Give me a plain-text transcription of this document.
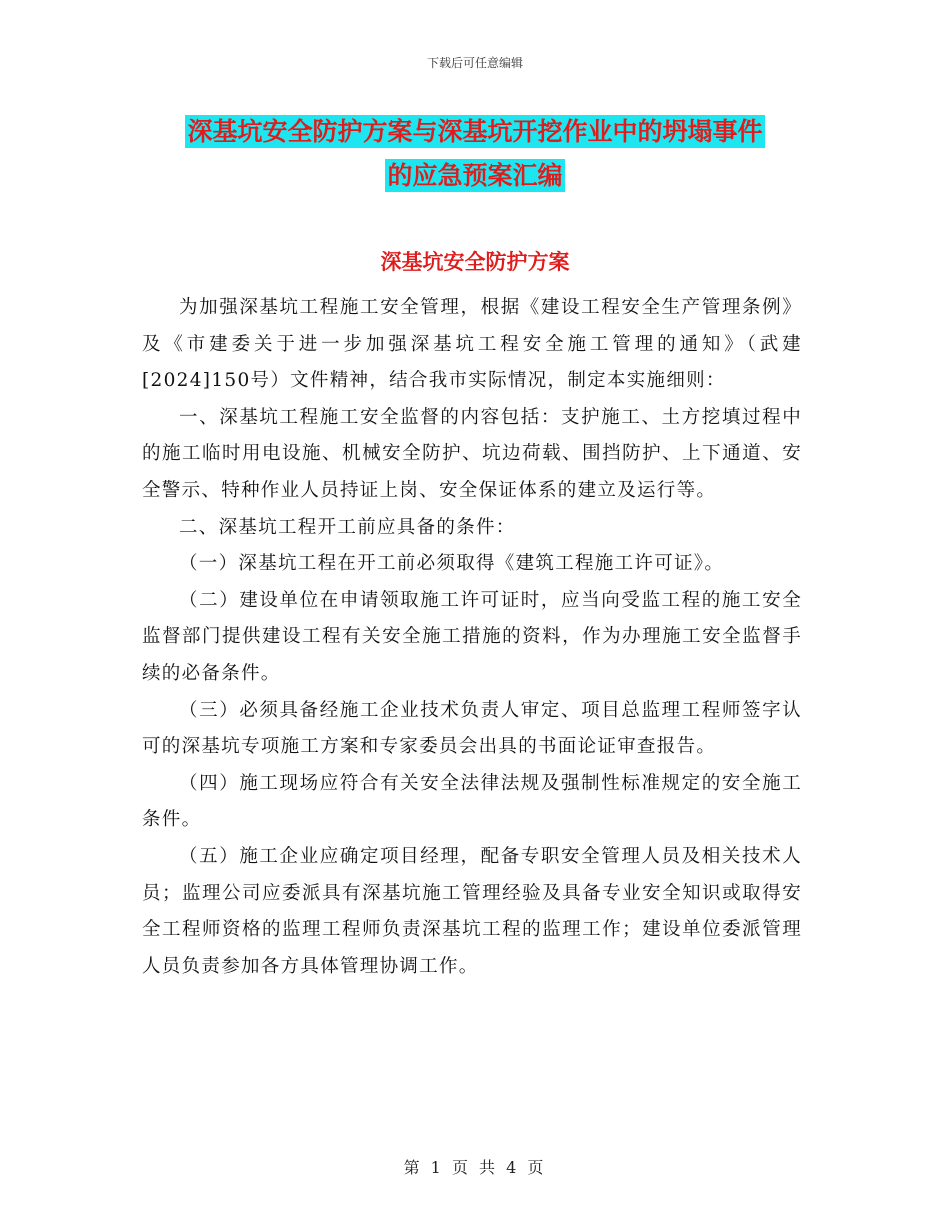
下载后可任意编辑
深基坑安全防护方案与深基坑开挖作业中的坍塌事件
的应急预案汇编
深基坑安全防护方案

为加强深基坑工程施工安全管理，根据《建设工程安全生产管理条例》及《市建委关于进一步加强深基坑工程安全施工管理的通知》（武建[2024]150号）文件精神，结合我市实际情况，制定本实施细则：

一、深基坑工程施工安全监督的内容包括：支护施工、土方挖填过程中的施工临时用电设施、机械安全防护、坑边荷载、围挡防护、上下通道、安全警示、特种作业人员持证上岗、安全保证体系的建立及运行等。

二、深基坑工程开工前应具备的条件：

（一）深基坑工程在开工前必须取得《建筑工程施工许可证》。

（二）建设单位在申请领取施工许可证时，应当向受监工程的施工安全监督部门提供建设工程有关安全施工措施的资料，作为办理施工安全监督手续的必备条件。

（三）必须具备经施工企业技术负责人审定、项目总监理工程师签字认可的深基坑专项施工方案和专家委员会出具的书面论证审查报告。

（四）施工现场应符合有关安全法律法规及强制性标准规定的安全施工条件。

（五）施工企业应确定项目经理，配备专职安全管理人员及相关技术人员；监理公司应委派具有深基坑施工管理经验及具备专业安全知识或取得安全工程师资格的监理工程师负责深基坑工程的监理工作；建设单位委派管理人员负责参加各方具体管理协调工作。

第 1 页 共 4 页
